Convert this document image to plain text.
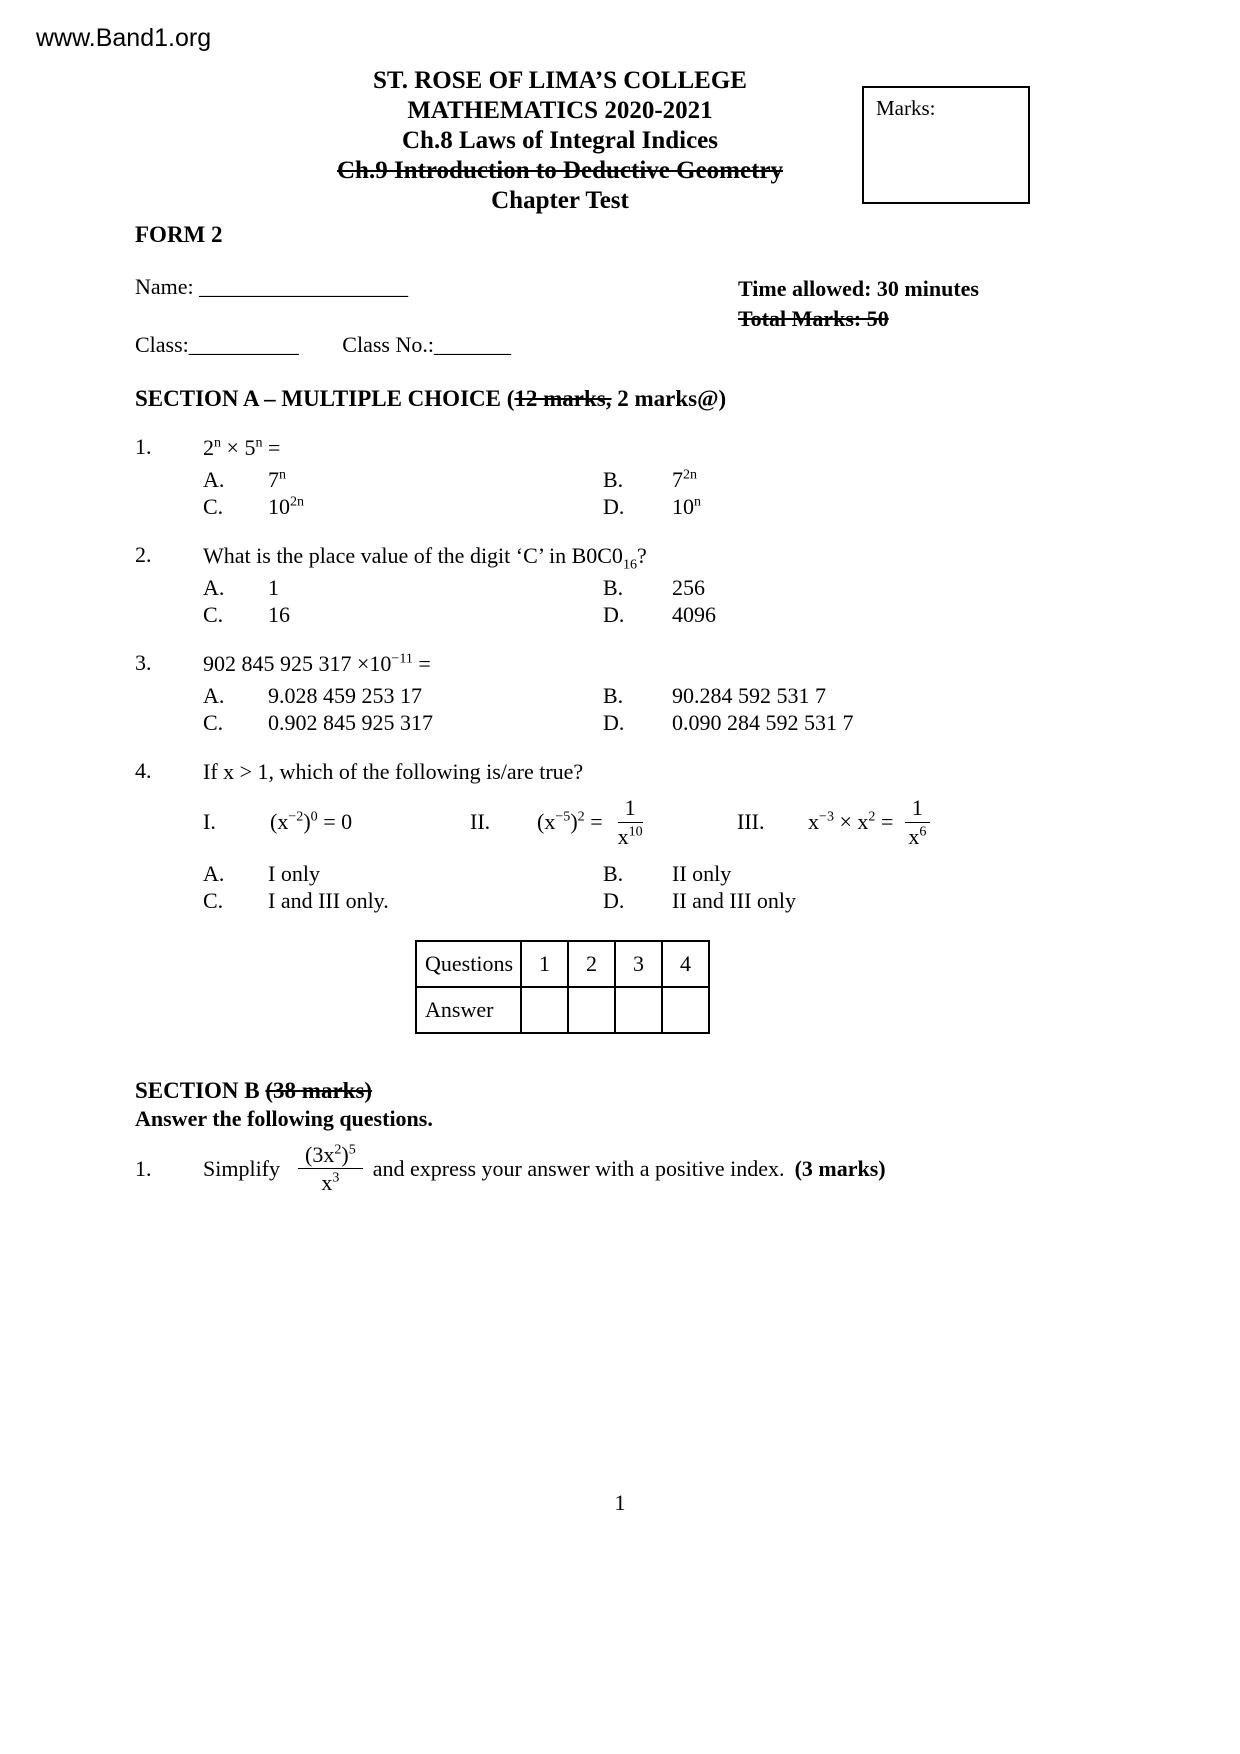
www.Band1.org
Marks:
ST. ROSE OF LIMA’S COLLEGE
MATHEMATICS 2020-2021
Ch.8 Laws of Integral Indices
Ch.9 Introduction to Deductive Geometry
Chapter Test
FORM 2
Name: ___________________	Time allowed: 30 minutes
Total Marks: 50
Class:__________ Class No.:_______
SECTION A – MULTIPLE CHOICE (12 marks, 2 marks@)
1.	$2^n \times 5^n$ =
A.	7$^n$	B.	$7^{2n}$
C.	$10^{2n}$	D.	10$^n$
2.	What is the place value of the digit ‘C’ in $B0C0_{16}$?
A.	1	B.	256
C.	16	D.	4096
3.	902 845 925 $317 \times 10^{-11}$ =
A.	9.028 459 253 17	B.	90.284 592 531 7
C.	0.902 845 925 317	D.	0.090 284 592 531 7
4.	If x > 1, which of the following is/are true?
I.	$(x^{-2})^0 = 0$	II.	$(x^{-5})^2 = \frac{1}{x^{10}}$	III.	$x^{-3} \times x^2 = \frac{1}{x^6}$
A.	I only	B.	II only
C.	I and III only.	D.	II and III only
Questions	1	2	3	4
Answer				
SECTION B (38 marks)
Answer the following questions.
1.	Simplify $\frac{(3x^2)^5}{x^3}$ and express your answer with a positive index. (3 marks)
1
